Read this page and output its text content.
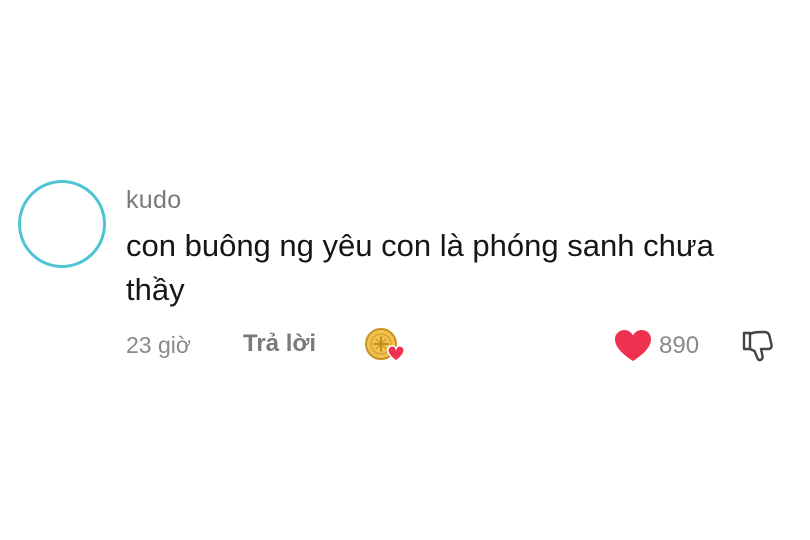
kudo
con buông ng yêu con là phóng sanh chưa thầy
23 giờ Trả lời	890
